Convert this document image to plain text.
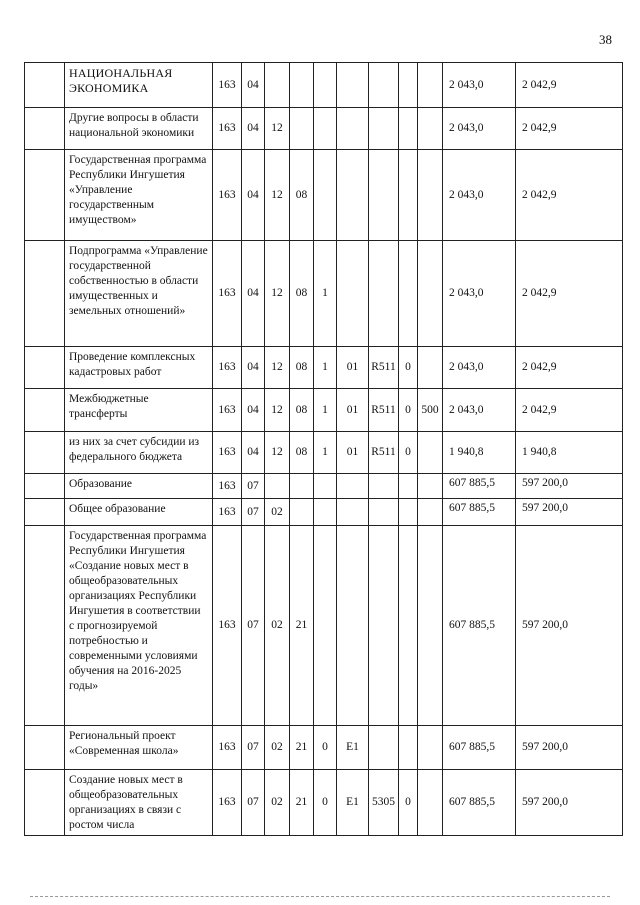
38
	НАЦИОНАЛЬНАЯ ЭКОНОМИКА	163	04								2 043,0	2 042,9
	Другие вопросы в области национальной экономики	163	04	12							2 043,0	2 042,9
	Государственная программа Республики Ингушетия «Управление государственным имуществом»	163	04	12	08						2 043,0	2 042,9
	Подпрограмма «Управление государственной собственностью в области имущественных и земельных отношений»	163	04	12	08	1					2 043,0	2 042,9
	Проведение комплексных кадастровых работ	163	04	12	08	1	01	R511	0		2 043,0	2 042,9
	Межбюджетные трансферты	163	04	12	08	1	01	R511	0	500	2 043,0	2 042,9
	из них за счет субсидии из федерального бюджета	163	04	12	08	1	01	R511	0		1 940,8	1 940,8
	Образование	163	07								607 885,5	597 200,0
	Общее образование	163	07	02							607 885,5	597 200,0
	Государственная программа Республики Ингушетия «Создание новых мест в общеобразовательных организациях Республики Ингушетия в соответствии с прогнозируемой потребностью и современными условиями обучения на 2016-2025 годы»	163	07	02	21						607 885,5	597 200,0
	Региональный проект «Современная школа»	163	07	02	21	0	E1				607 885,5	597 200,0
	Создание новых мест в общеобразовательных организациях в связи с ростом числа	163	07	02	21	0	E1	5305	0		607 885,5	597 200,0
